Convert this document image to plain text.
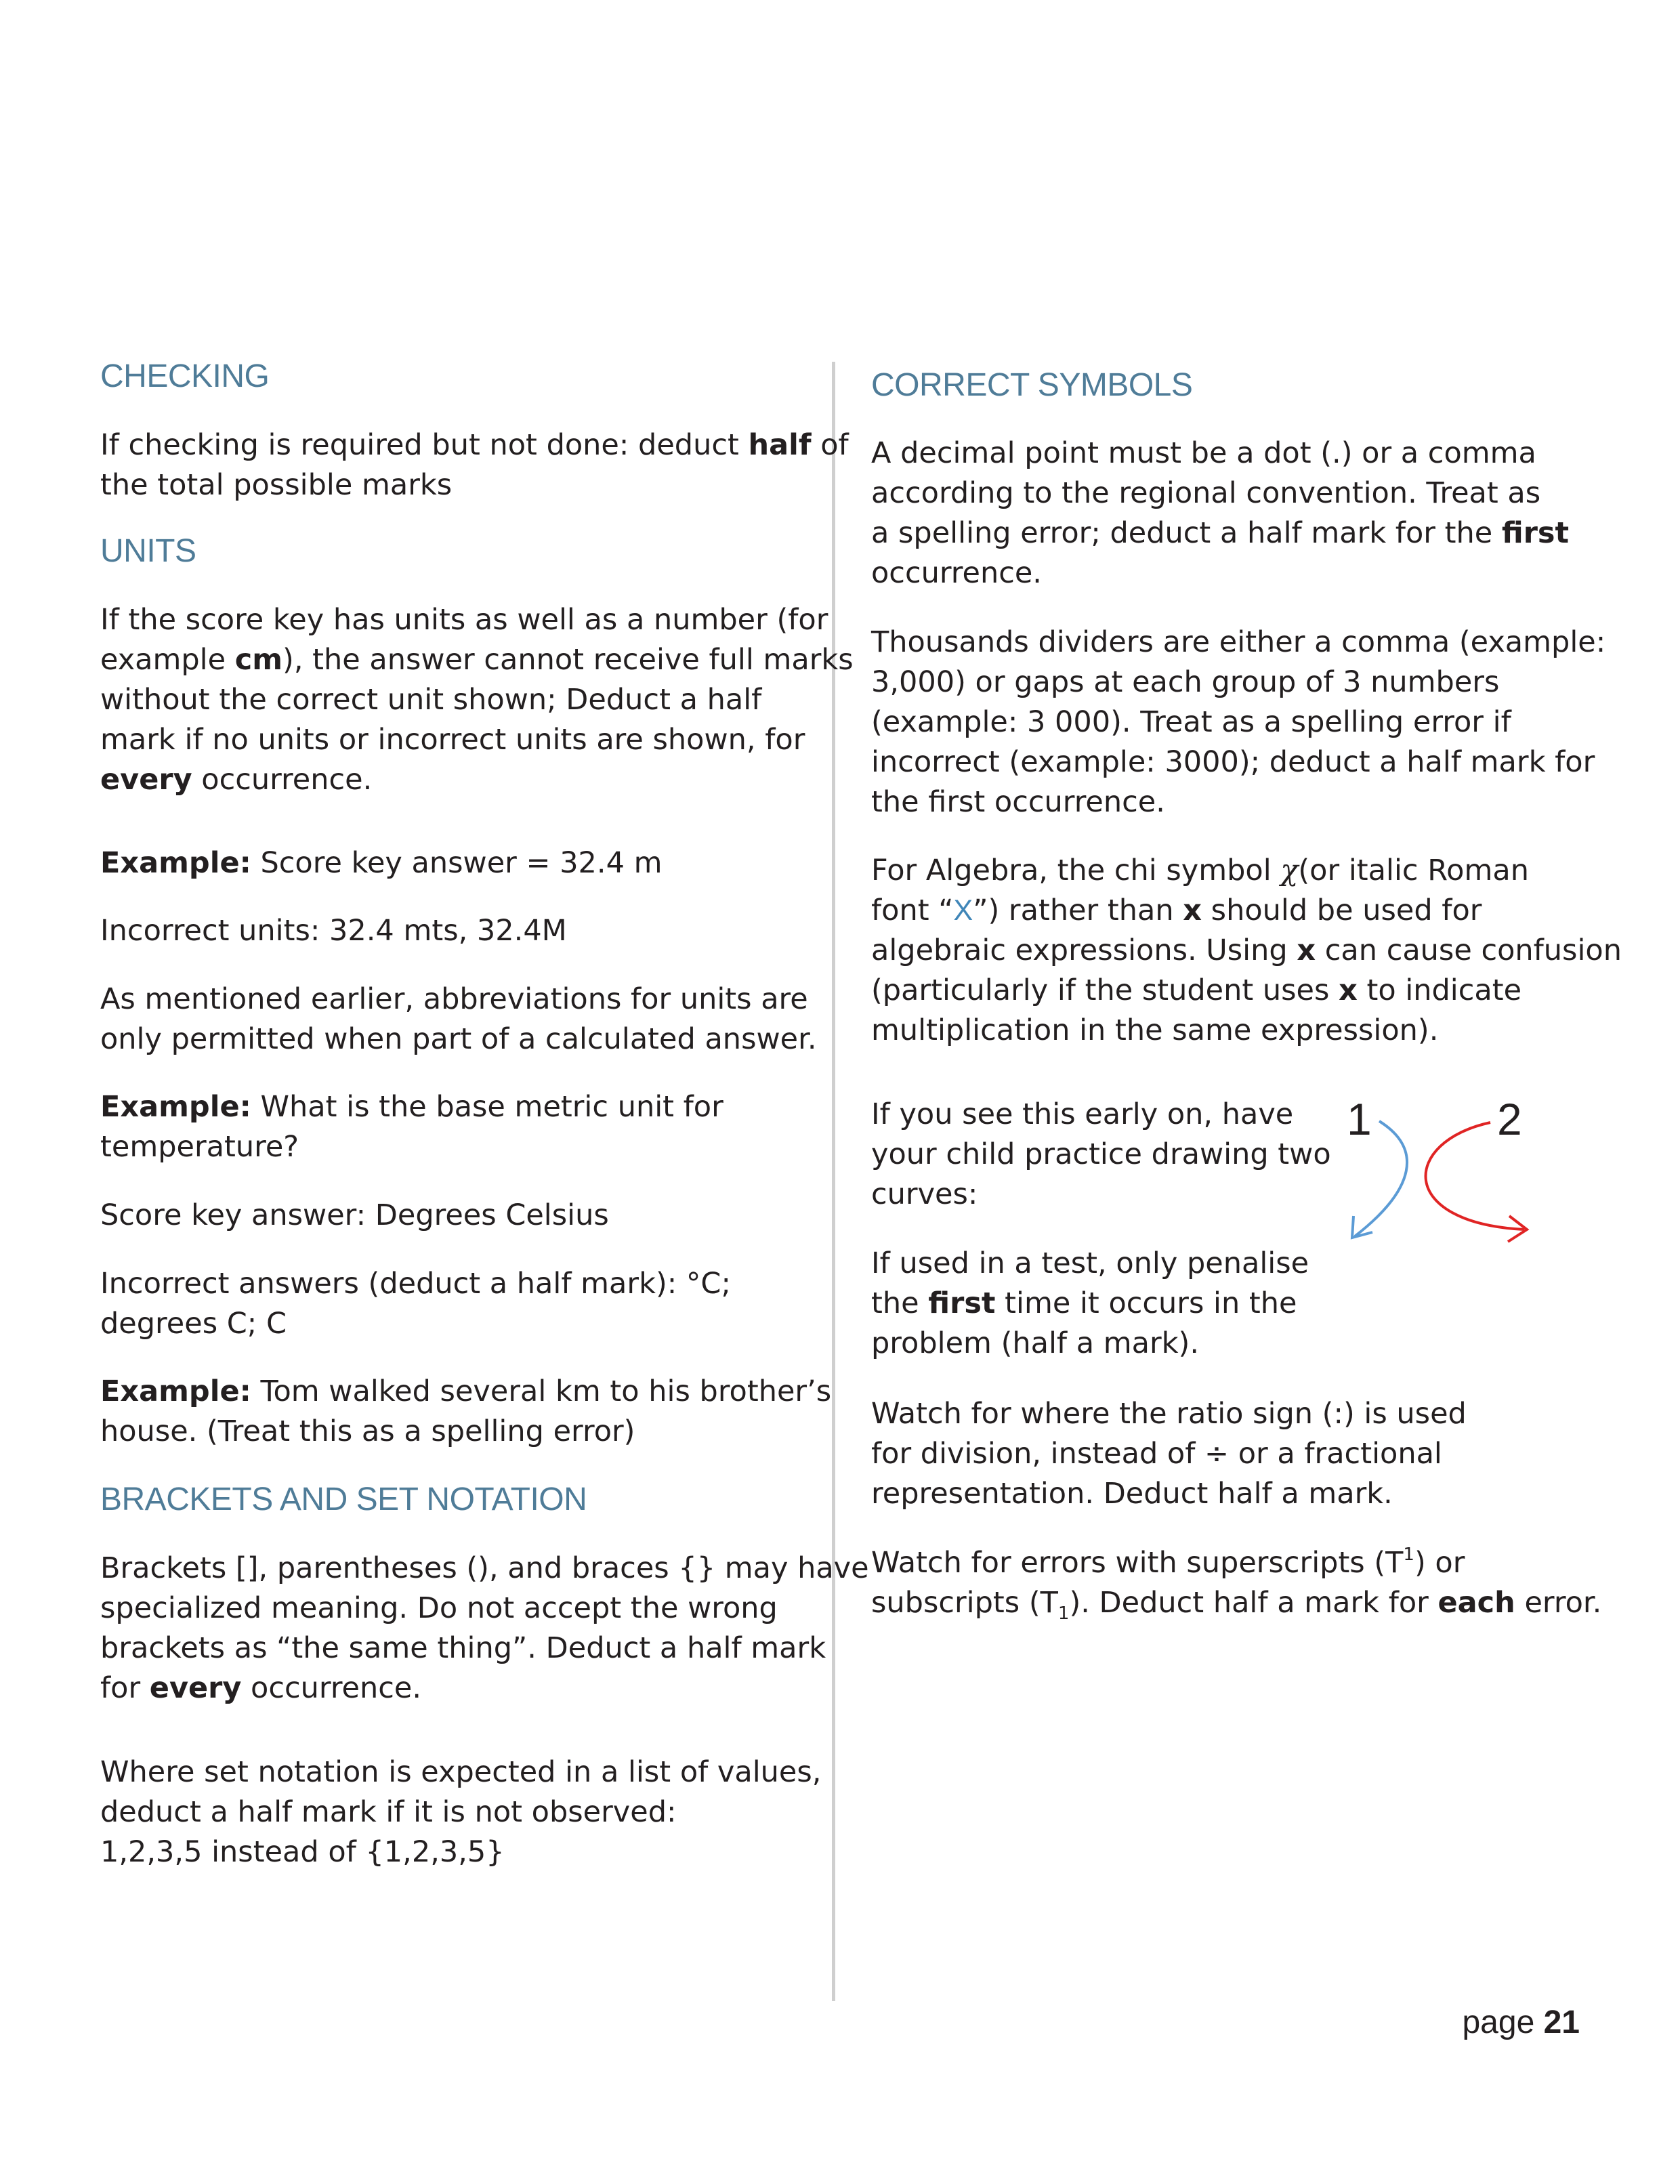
CHECKING
If checking is required but not done: deduct half of
the total possible marks
UNITS
If the score key has units as well as a number (for
example cm), the answer cannot receive full marks
without the correct unit shown; Deduct a half
mark if no units or incorrect units are shown, for
every occurrence.
Example: Score key answer = 32.4 m
Incorrect units: 32.4 mts, 32.4M
As mentioned earlier, abbreviations for units are
only permitted when part of a calculated answer.
Example: What is the base metric unit for
temperature?
Score key answer: Degrees Celsius
Incorrect answers (deduct a half mark): °C;
degrees C; C
Example: Tom walked several km to his brother’s
house. (Treat this as a spelling error)
BRACKETS AND SET NOTATION
Brackets [], parentheses (), and braces {} may have
specialized meaning. Do not accept the wrong
brackets as “the same thing”. Deduct a half mark
for every occurrence.
Where set notation is expected in a list of values,
deduct a half mark if it is not observed:
1,2,3,5 instead of {1,2,3,5}
CORRECT SYMBOLS
A decimal point must be a dot (.) or a comma
according to the regional convention. Treat as
a spelling error; deduct a half mark for the first
occurrence.
Thousands dividers are either a comma (example:
3,000) or gaps at each group of 3 numbers
(example: 3 000). Treat as a spelling error if
incorrect (example: 3000); deduct a half mark for
the first occurrence.
For Algebra, the chi symbol χ(or italic Roman
font “X”) rather than x should be used for
algebraic expressions. Using x can cause confusion
(particularly if the student uses x to indicate
multiplication in the same expression).
If you see this early on, have
your child practice drawing two
curves:
If used in a test, only penalise
the first time it occurs in the
problem (half a mark).
Watch for where the ratio sign (:) is used
for division, instead of ÷ or a fractional
representation. Deduct half a mark.
Watch for errors with superscripts $(T^1)$ or
subscripts $(T_1)$. Deduct half a mark for each error.
1	2
page 21
